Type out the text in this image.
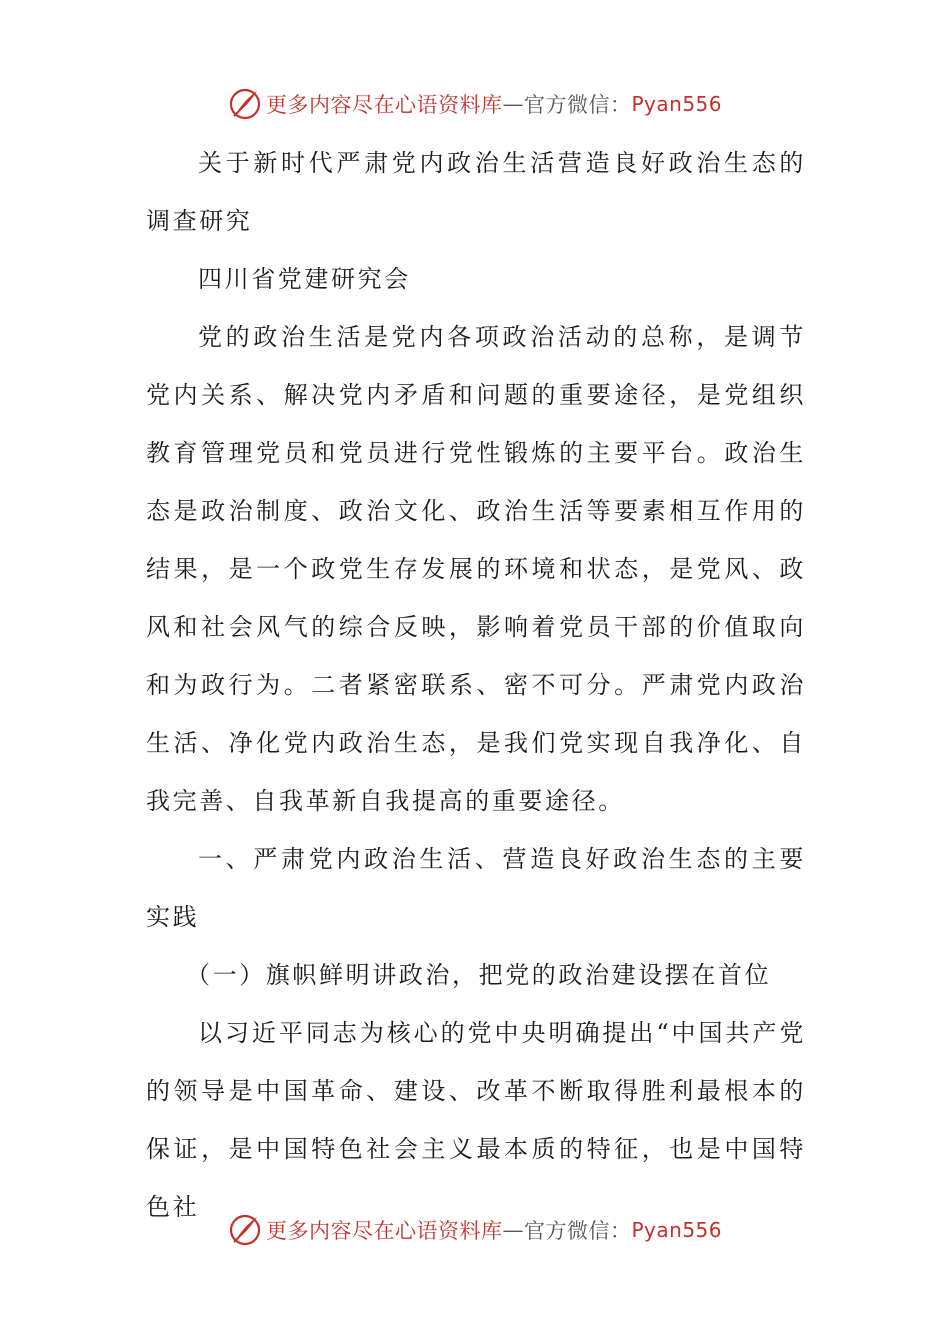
更多内容尽在心语资料库 — 官方微信： Pyan556

关于新时代严肃党内政治生活营造良好政治生态的调查研究

四川省党建研究会

党的政治生活是党内各项政治活动的总称，是调节党内关系、解决党内矛盾和问题的重要途径，是党组织教育管理党员和党员进行党性锻炼的主要平台。政治生态是政治制度、政治文化、政治生活等要素相互作用的结果，是一个政党生存发展的环境和状态，是党风、政风和社会风气的综合反映，影响着党员干部的价值取向和为政行为。二者紧密联系、密不可分。严肃党内政治生活、净化党内政治生态，是我们党实现自我净化、自我完善、自我革新自我提高的重要途径。

一、严肃党内政治生活、营造良好政治生态的主要实践

（一）旗帜鲜明讲政治，把党的政治建设摆在首位

以习近平同志为核心的党中央明确提出“中国共产党的领导是中国革命、建设、改革不断取得胜利最根本的保证，是中国特色社会主义最本质的特征，也是中国特色社

更多内容尽在心语资料库 — 官方微信： Pyan556
